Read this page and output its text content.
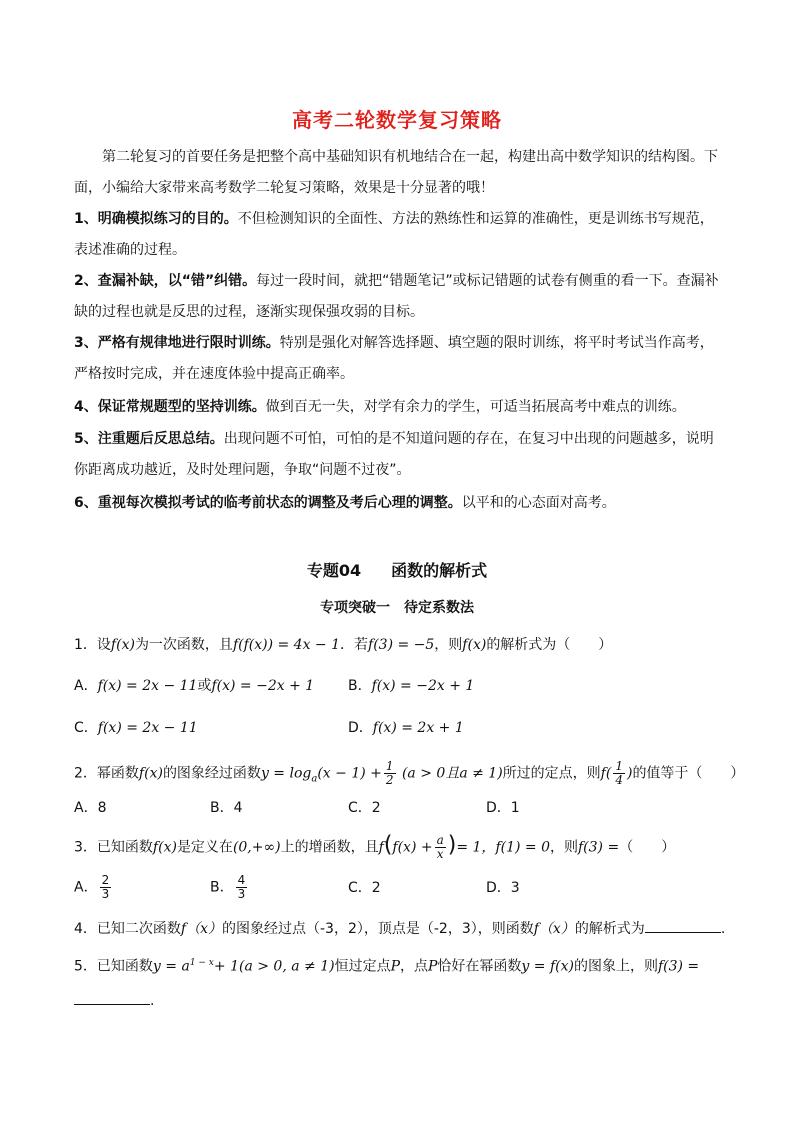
高考二轮数学复习策略
第二轮复习的首要任务是把整个高中基础知识有机地结合在一起，构建出高中数学知识的结构图。下面，小编给大家带来高考数学二轮复习策略，效果是十分显著的哦！
1、明确模拟练习的目的。不但检测知识的全面性、方法的熟练性和运算的准确性，更是训练书写规范，表述准确的过程。
2、查漏补缺，以“错”纠错。每过一段时间，就把“错题笔记”或标记错题的试卷有侧重的看一下。查漏补缺的过程也就是反思的过程，逐渐实现保强攻弱的目标。
3、严格有规律地进行限时训练。特别是强化对解答选择题、填空题的限时训练，将平时考试当作高考，严格按时完成，并在速度体验中提高正确率。
4、保证常规题型的坚持训练。做到百无一失，对学有余力的学生，可适当拓展高考中难点的训练。
5、注重题后反思总结。出现问题不可怕，可怕的是不知道问题的存在，在复习中出现的问题越多，说明你距离成功越近，及时处理问题，争取“问题不过夜”。
6、重视每次模拟考试的临考前状态的调整及考后心理的调整。以平和的心态面对高考。
专题04 函数的解析式
专项突破一 待定系数法
1．设f(x)为一次函数，且f(f(x)) = 4x − 1．若f(3) = −5，则f(x)的解析式为（　　）
A．f(x) = 2x − 11或f(x) = −2x + 1 B．f(x) = −2x + 1
C．f(x) = 2x − 11	D．f(x) = 2x + 1
2．幂函数f(x)的图象经过函数$y = \log_a(x - 1) + \frac{1}{2} (a > 0$且a ≠ 1)所过的定点，则$f( \frac{1}{4}$ )的值等于（　　）
A．8	B．4	C．2	D．1
3．已知函数f(x)是定义在(0,+∞)上的增函数，且$f(f(x) + \frac{a}{x}$ )= 1，f(1) = 0，则f(3) =（　　）
A． $\frac{2}{3}$	B． $\frac{4}{3}$	C．2	D．3
4．已知二次函数f（x）的图象经过点（-3，2），顶点是（-2，3），则函数f（x）的解析式为	.
5．已知函数$y = a^{1 - x}+ 1(a > 0$, a ≠ 1)恒过定点P，点P恰好在幂函数y = f(x)的图象上，则f(3) =
.
